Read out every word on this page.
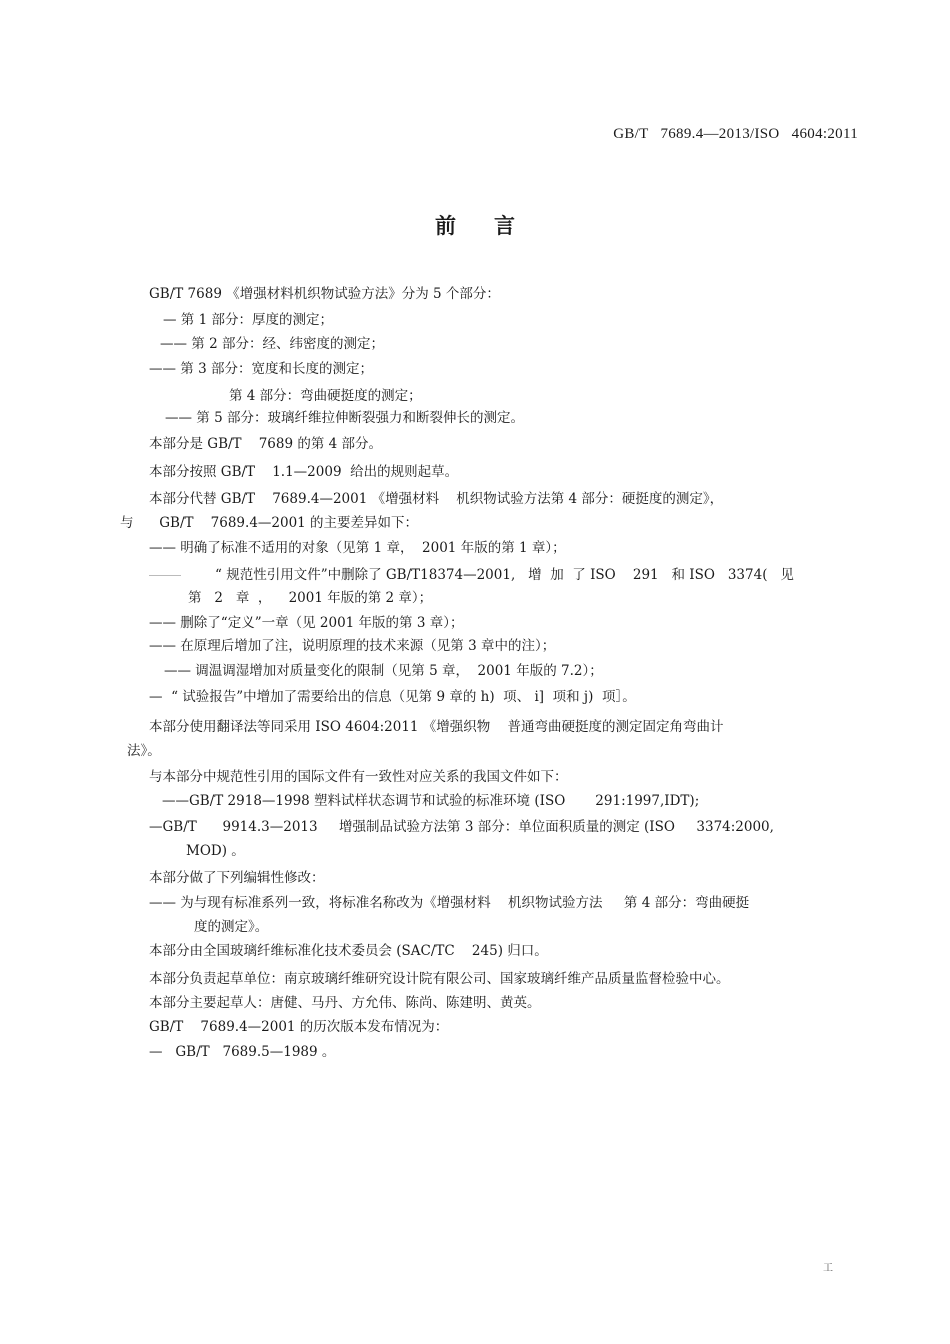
GB/T   7689.4—2013/ISO   4604:2011
前言
GB/T 7689 《增强材料机织物试验方法》分为 5 个部分：
— 第 1 部分：厚度的测定；
—— 第 2 部分：经、纬密度的测定；
—— 第 3 部分：宽度和长度的测定；
第 4 部分：弯曲硬挺度的测定；
—— 第 5 部分：玻璃纤维拉伸断裂强力和断裂伸长的测定。
本部分是 GB/T    7689 的第 4 部分。
本部分按照 GB/T    1.1—2009  给出的规则起草。
本部分代替 GB/T    7689.4—2001 《增强材料    机织物试验方法第 4 部分：硬挺度的测定》，
与      GB/T    7689.4—2001 的主要差异如下：
—— 明确了标准不适用的对象（见第 1 章，  2001 年版的第 1 章）；
“ 规范性引用文件”中删除了 GB/T18374—2001,   增  加  了 ISO    291   和 ISO   3374(   见
第   2   章  ，    2001 年版的第 2 章）；
—— 删除了“定义”一章（见 2001 年版的第 3 章）；
—— 在原理后增加了注，说明原理的技术来源（见第 3 章中的注）；
—— 调温调湿增加对质量变化的限制（见第 5 章，  2001 年版的 7.2）；
—  “ 试验报告”中增加了需要给出的信息（见第 9 章的 h)  项、 i]  项和 j)  项］。
本部分使用翻译法等同采用 ISO 4604:2011 《增强织物    普通弯曲硬挺度的测定固定角弯曲计
法》。
与本部分中规范性引用的国际文件有一致性对应关系的我国文件如下：
——GB/T 2918—1998 塑料试样状态调节和试验的标准环境 (ISO       291:1997,IDT);
—GB/T      9914.3—2013     增强制品试验方法第 3 部分：单位面积质量的测定 (ISO     3374:2000,
MOD) 。
本部分做了下列编辑性修改：
—— 为与现有标准系列一致，将标准名称改为《增强材料    机织物试验方法     第 4 部分：弯曲硬挺
度的测定》。
本部分由全国玻璃纤维标准化技术委员会 (SAC/TC    245) 归口。
本部分负责起草单位：南京玻璃纤维研究设计院有限公司、国家玻璃纤维产品质量监督检验中心。
本部分主要起草人：唐健、马丹、方允伟、陈尚、陈建明、黄英。
GB/T    7689.4—2001 的历次版本发布情况为：
—   GB/T   7689.5—1989 。
工
